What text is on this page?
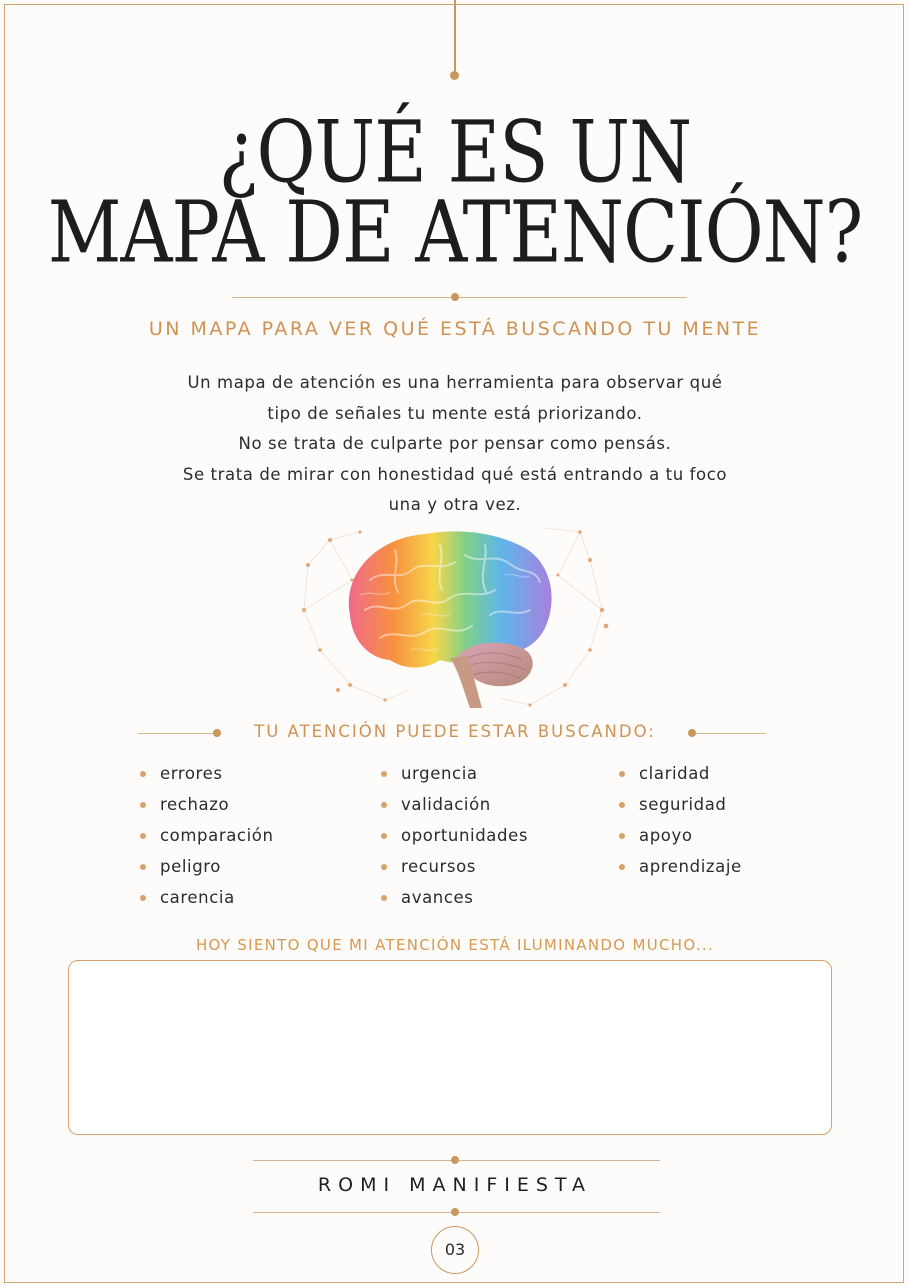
¿QUÉ ES UN
MAPA DE ATENCIÓN?
UN MAPA PARA VER QUÉ ESTÁ BUSCANDO TU MENTE
Un mapa de atención es una herramienta para observar qué
tipo de señales tu mente está priorizando.
No se trata de culparte por pensar como pensás.
Se trata de mirar con honestidad qué está entrando a tu foco
una y otra vez.
TU ATENCIÓN PUEDE ESTAR BUSCANDO:
errores
rechazo
comparación
peligro
carencia
urgencia
validación
oportunidades
recursos
avances
claridad
seguridad
apoyo
aprendizaje
HOY SIENTO QUE MI ATENCIÓN ESTÁ ILUMINANDO MUCHO...
ROMI MANIFIESTA
03
